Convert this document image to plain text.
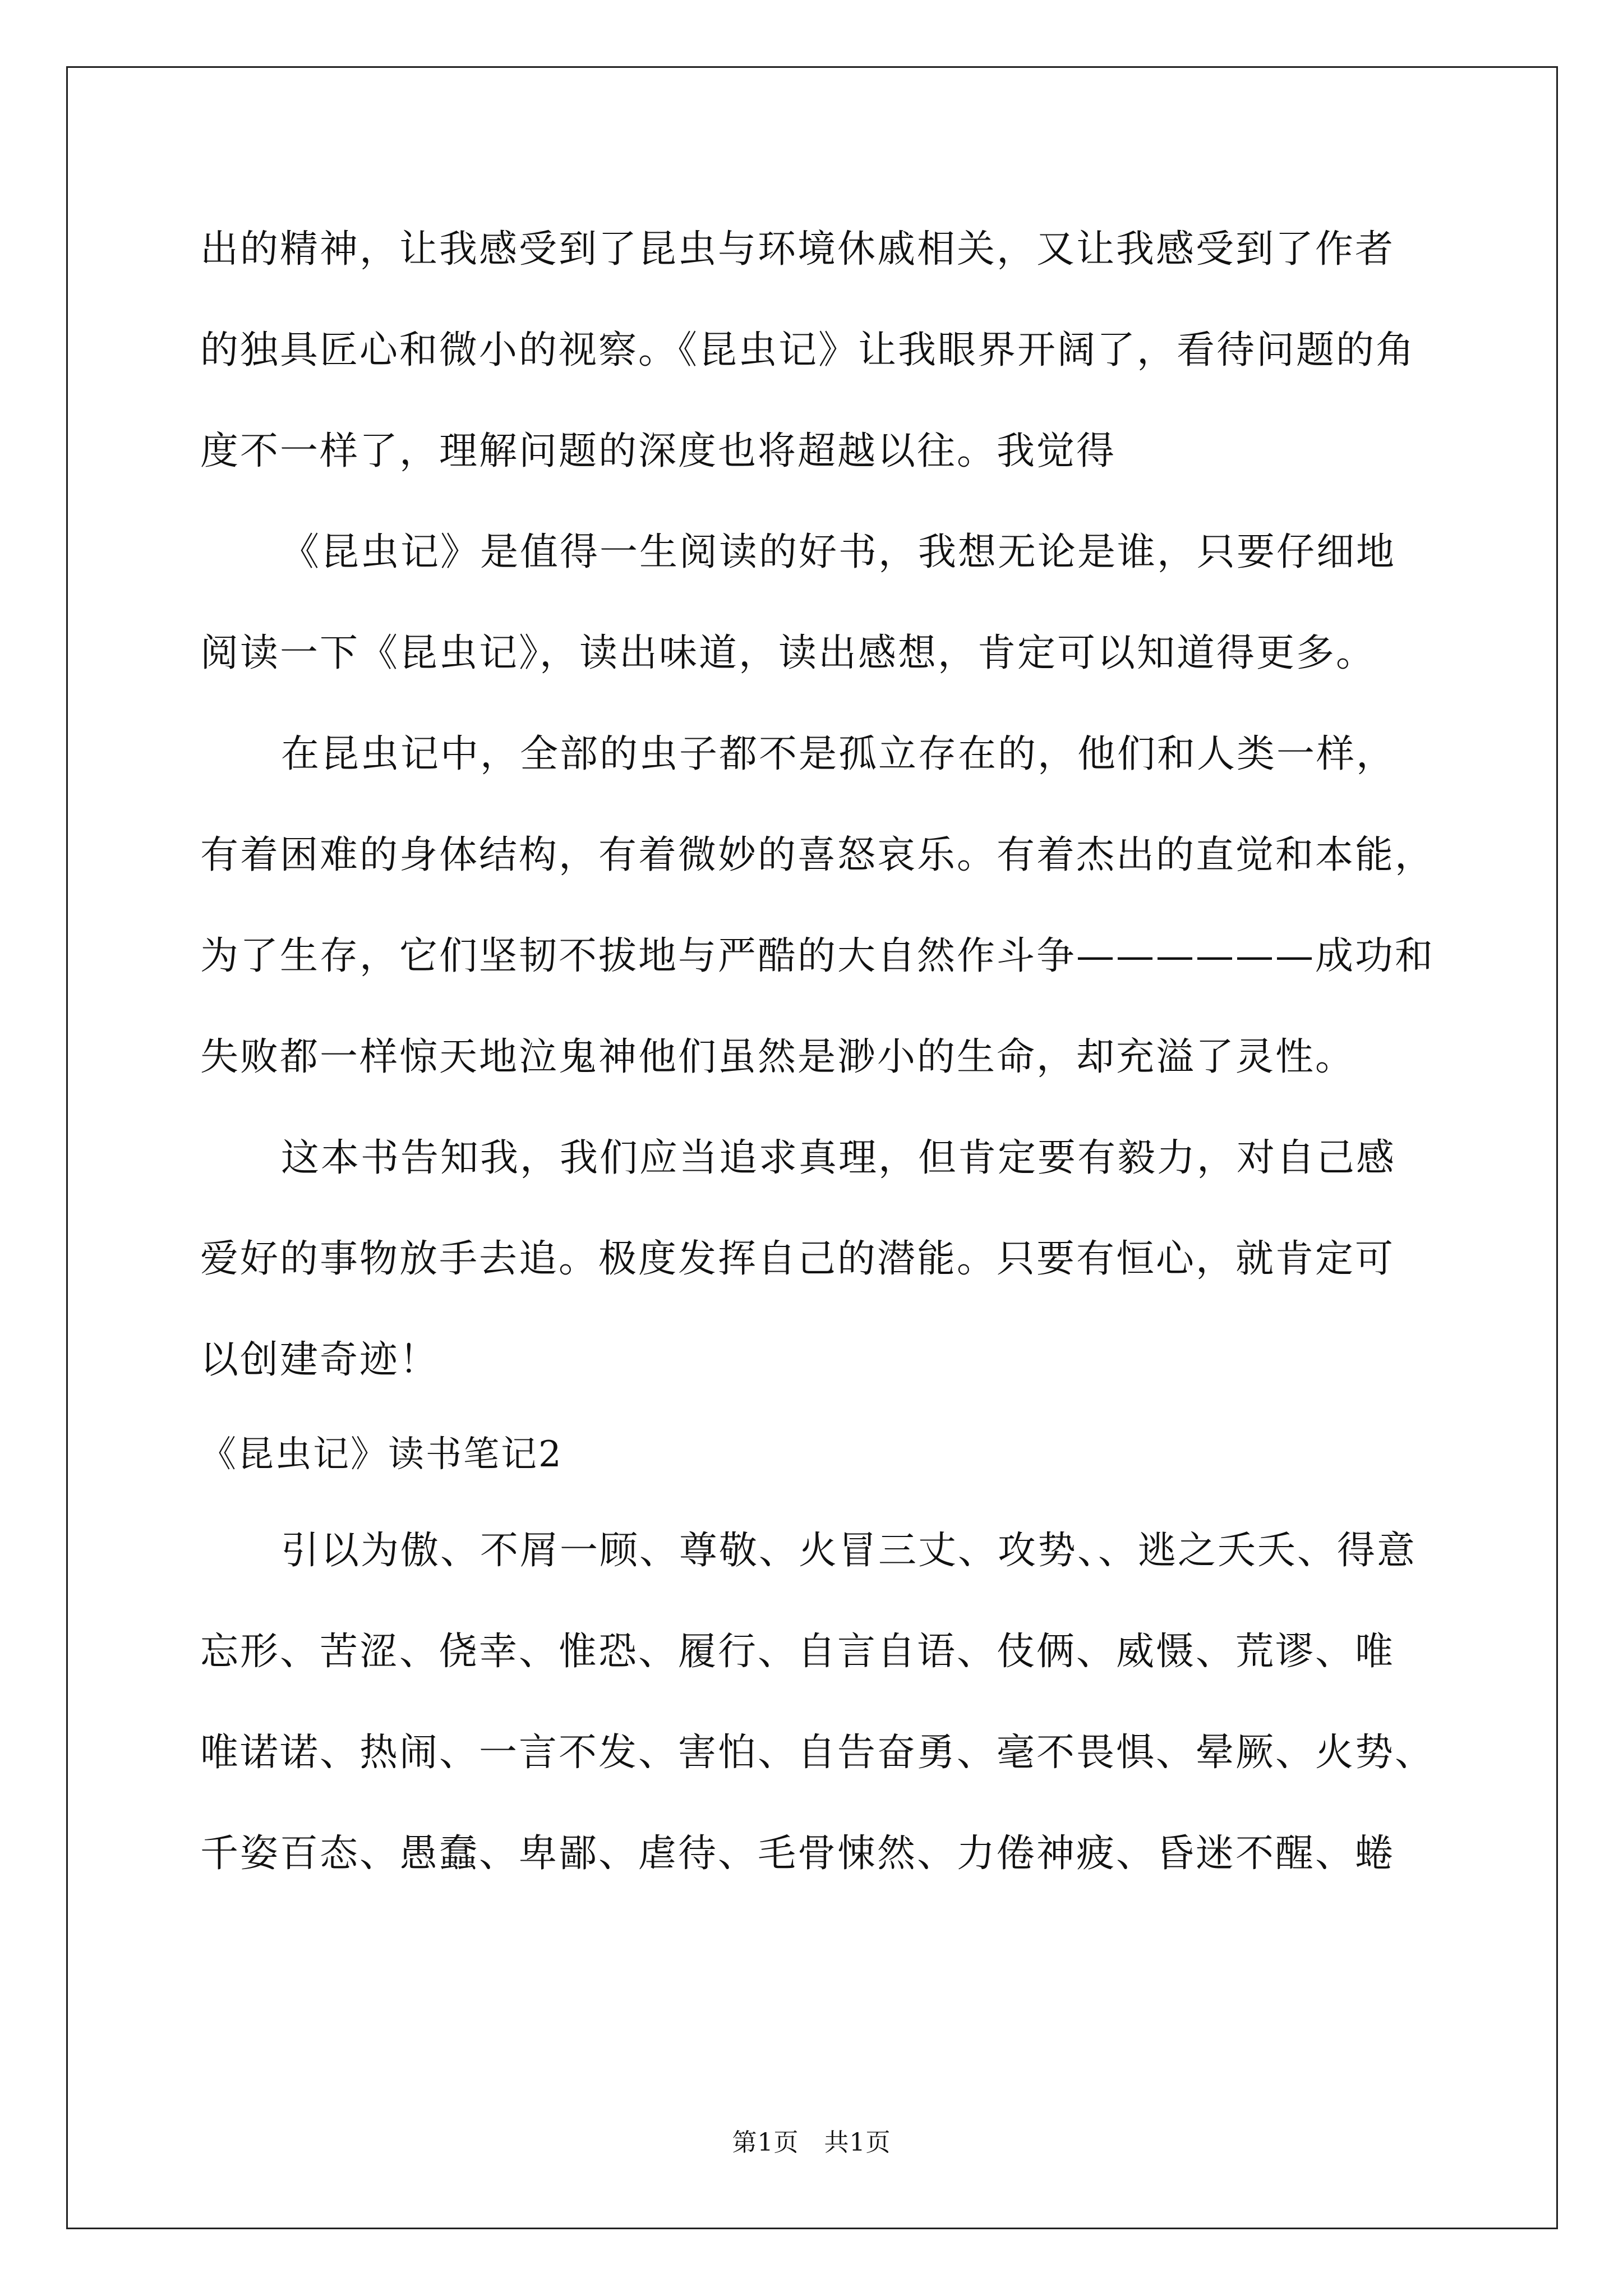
出的精神，让我感受到了昆虫与环境休戚相关，又让我感受到了作者
的独具匠心和微小的视察。《昆虫记》让我眼界开阔了，看待问题的角
度不一样了，理解问题的深度也将超越以往。我觉得
《昆虫记》是值得一生阅读的好书，我想无论是谁，只要仔细地
阅读一下《昆虫记》，读出味道，读出感想，肯定可以知道得更多。
在昆虫记中，全部的虫子都不是孤立存在的，他们和人类一样，
有着困难的身体结构，有着微妙的喜怒哀乐。有着杰出的直觉和本能，
为了生存，它们坚韧不拔地与严酷的大自然作斗争——————成功和
失败都一样惊天地泣鬼神他们虽然是渺小的生命，却充溢了灵性。
这本书告知我，我们应当追求真理，但肯定要有毅力，对自己感
爱好的事物放手去追。极度发挥自己的潜能。只要有恒心，就肯定可
以创建奇迹！
《昆虫记》读书笔记2
引以为傲、不屑一顾、尊敬、火冒三丈、攻势、、逃之夭夭、得意
忘形、苦涩、侥幸、惟恐、履行、自言自语、伎俩、威慑、荒谬、唯
唯诺诺、热闹、一言不发、害怕、自告奋勇、毫不畏惧、晕厥、火势、
千姿百态、愚蠢、卑鄙、虐待、毛骨悚然、力倦神疲、昏迷不醒、蜷
第1页　共1页
